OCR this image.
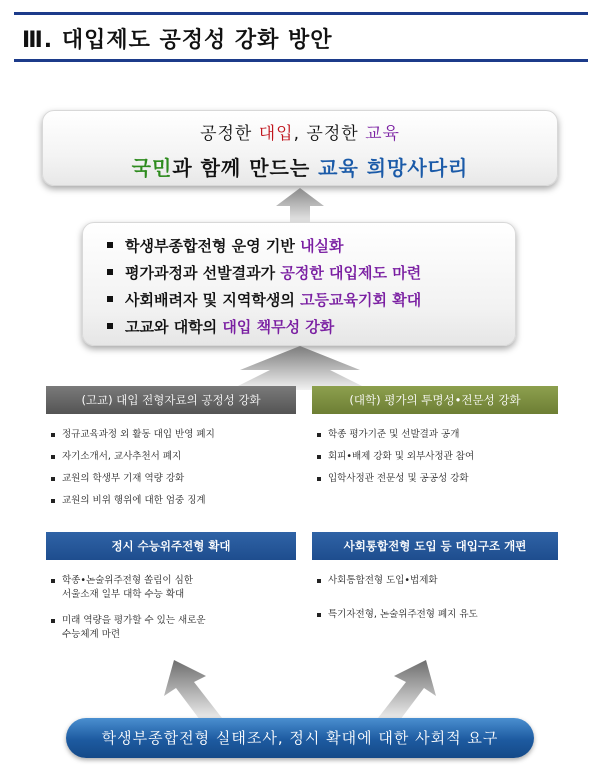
Ⅲ. 대입제도 공정성 강화 방안
공정한 대입, 공정한 교육
국민과 함께 만드는 교육 희망사다리
학생부종합전형 운영 기반 내실화
평가과정과 선발결과가 공정한 대입제도 마련
사회배려자 및 지역학생의 고등교육기회 확대
고교와 대학의 대입 책무성 강화
(고교) 대입 전형자료의 공정성 강화
정규교육과정 외 활동 대입 반영 폐지
자기소개서, 교사추천서 폐지
교원의 학생부 기재 역량 강화
교원의 비위 행위에 대한 엄중 징계
(대학) 평가의 투명성•전문성 강화
학종 평가기준 및 선발결과 공개
회피•배제 강화 및 외부사정관 참여
입학사정관 전문성 및 공공성 강화
정시 수능위주전형 확대
학종•논술위주전형 쏠림이 심한
서울소재 일부 대학 수능 확대
미래 역량을 평가할 수 있는 새로운
수능체계 마련
사회통합전형 도입 등 대입구조 개편
사회통합전형 도입•법제화
특기자전형, 논술위주전형 폐지 유도
학생부종합전형 실태조사, 정시 확대에 대한 사회적 요구
